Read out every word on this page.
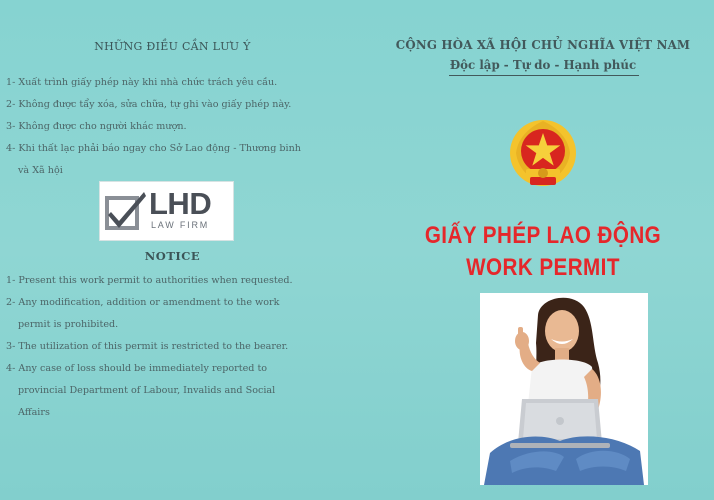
NHỮNG ĐIỀU CẦN LƯU Ý
1- Xuất trình giấy phép này khi nhà chức trách yêu cầu.
2- Không được tẩy xóa, sửa chữa, tự ghi vào giấy phép này.
3- Không được cho người khác mượn.
4- Khi thất lạc phải báo ngay cho Sở Lao động - Thương binh
và Xã hội
LHD
LAW FIRM
NOTICE
1- Present this work permit to authorities when requested.
2- Any modification, addition or amendment to the work
permit is prohibited.
3- The utilization of this permit is restricted to the bearer.
4- Any case of loss should be immediately reported to
provincial Department of Labour, Invalids and Social
Affairs
CỘNG HÒA XÃ HỘI CHỦ NGHĨA VIỆT NAM
Độc lập - Tự do - Hạnh phúc
GIẤY PHÉP LAO ĐỘNG
WORK PERMIT
